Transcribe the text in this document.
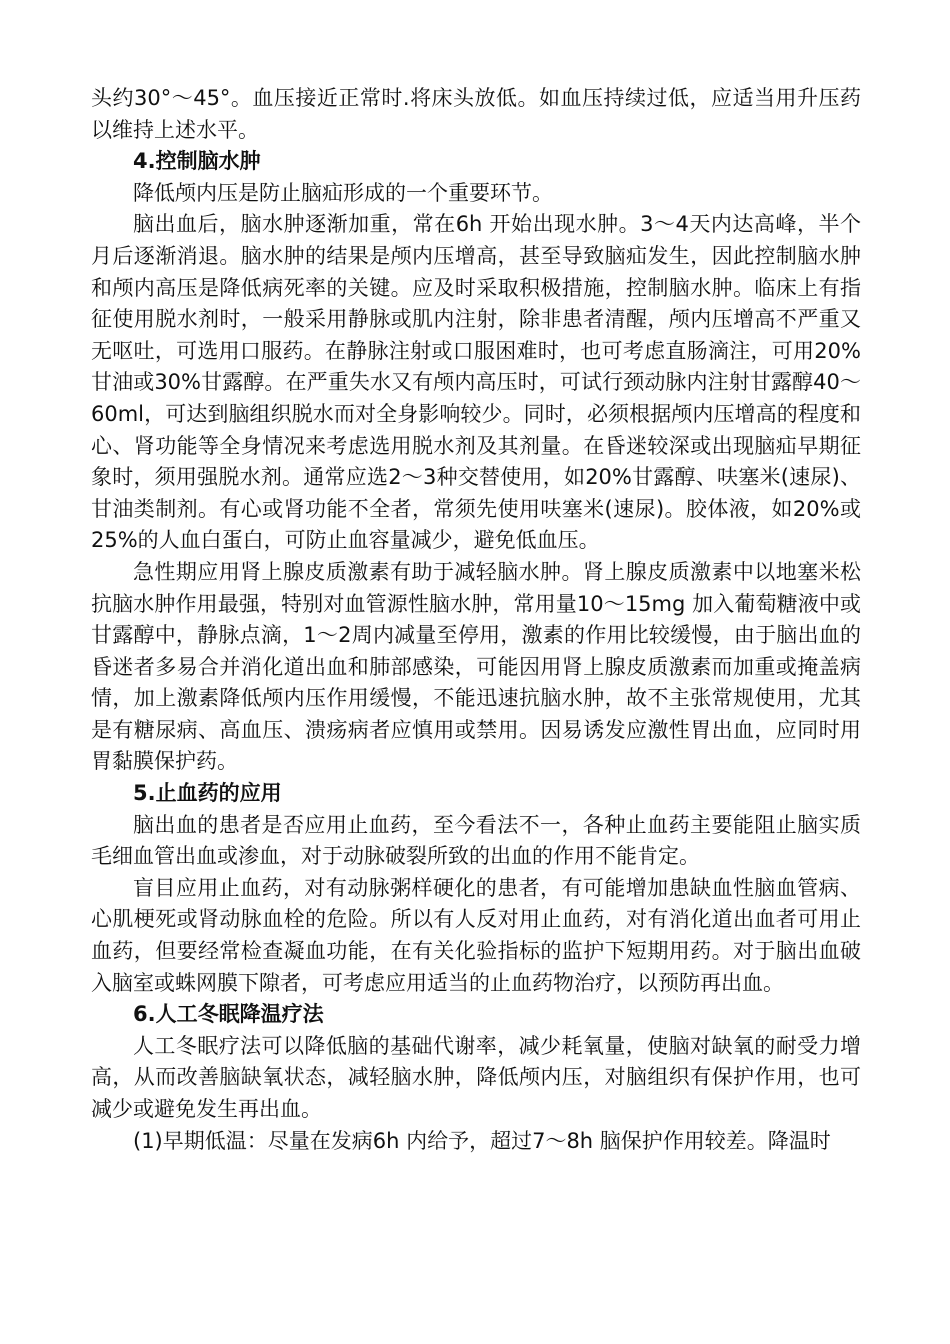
头约30°～45°。血压接近正常时.将床头放低。如血压持续过低，应适当用升压药以维持上述水平。

4.控制脑水肿

降低颅内压是防止脑疝形成的一个重要环节。

脑出血后，脑水肿逐渐加重，常在6h 开始出现水肿。3～4天内达高峰，半个月后逐渐消退。脑水肿的结果是颅内压增高，甚至导致脑疝发生，因此控制脑水肿和颅内高压是降低病死率的关键。应及时采取积极措施，控制脑水肿。临床上有指征使用脱水剂时，一般采用静脉或肌内注射，除非患者清醒，颅内压增高不严重又无呕吐，可选用口服药。在静脉注射或口服困难时，也可考虑直肠滴注，可用20%甘油或30%甘露醇。在严重失水又有颅内高压时，可试行颈动脉内注射甘露醇40～60ml，可达到脑组织脱水而对全身影响较少。同时，必须根据颅内压增高的程度和心、肾功能等全身情况来考虑选用脱水剂及其剂量。在昏迷较深或出现脑疝早期征象时，须用强脱水剂。通常应选2～3种交替使用，如20%甘露醇、呋塞米(速尿)、甘油类制剂。有心或肾功能不全者，常须先使用呋塞米(速尿)。胶体液，如20%或25%的人血白蛋白，可防止血容量减少，避免低血压。

急性期应用肾上腺皮质激素有助于减轻脑水肿。肾上腺皮质激素中以地塞米松抗脑水肿作用最强，特别对血管源性脑水肿，常用量10～15mg 加入葡萄糖液中或甘露醇中，静脉点滴，1～2周内减量至停用，激素的作用比较缓慢，由于脑出血的昏迷者多易合并消化道出血和肺部感染，可能因用肾上腺皮质激素而加重或掩盖病情，加上激素降低颅内压作用缓慢，不能迅速抗脑水肿，故不主张常规使用，尤其是有糖尿病、高血压、溃疡病者应慎用或禁用。因易诱发应激性胃出血，应同时用胃黏膜保护药。

5.止血药的应用

脑出血的患者是否应用止血药，至今看法不一，各种止血药主要能阻止脑实质毛细血管出血或渗血，对于动脉破裂所致的出血的作用不能肯定。

盲目应用止血药，对有动脉粥样硬化的患者，有可能增加患缺血性脑血管病、心肌梗死或肾动脉血栓的危险。所以有人反对用止血药，对有消化道出血者可用止血药，但要经常检查凝血功能，在有关化验指标的监护下短期用药。对于脑出血破入脑室或蛛网膜下隙者，可考虑应用适当的止血药物治疗，以预防再出血。

6.人工冬眠降温疗法

人工冬眠疗法可以降低脑的基础代谢率，减少耗氧量，使脑对缺氧的耐受力增高，从而改善脑缺氧状态，减轻脑水肿，降低颅内压，对脑组织有保护作用，也可减少或避免发生再出血。

(1)早期低温：尽量在发病6h 内给予，超过7～8h 脑保护作用较差。降温时
